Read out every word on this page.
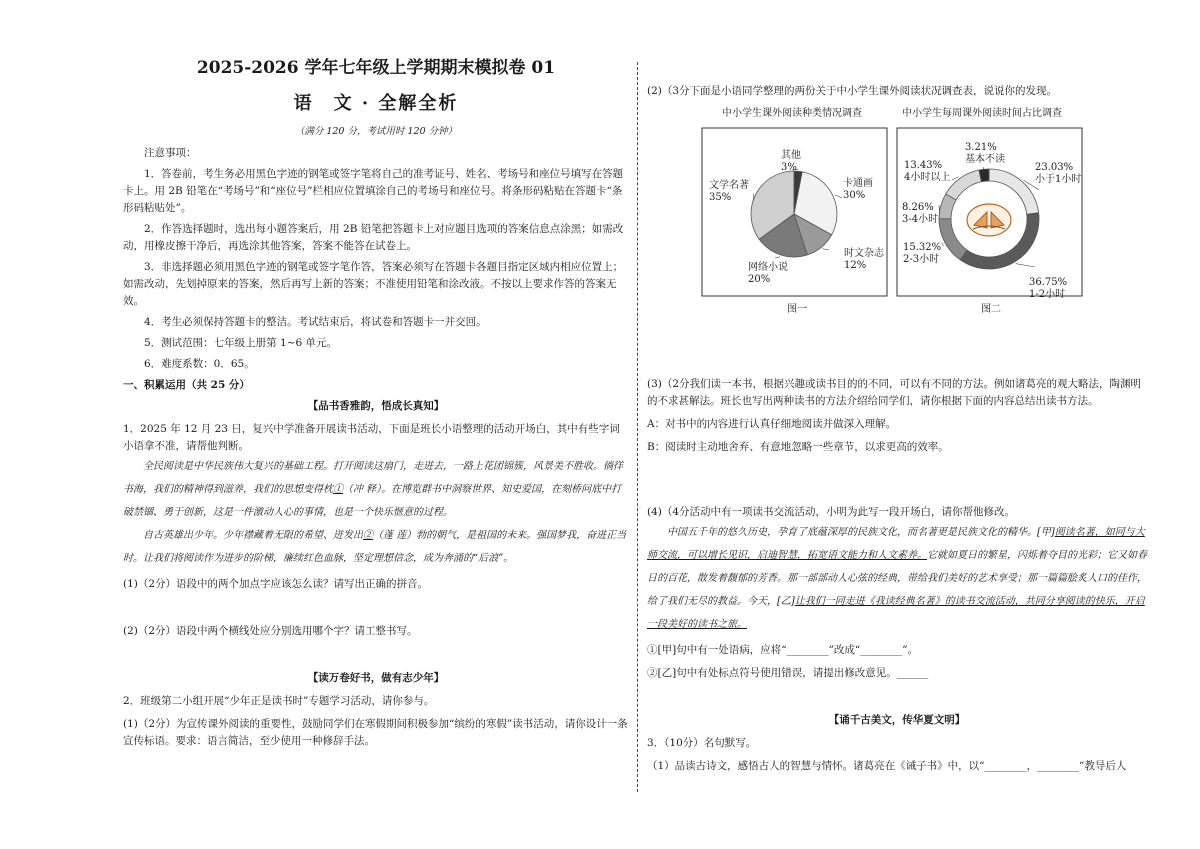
2025-2026 学年七年级上学期期末模拟卷 01

语　文 · 全解全析

（满分 120 分，考试用时 120 分钟）

注意事项：

1．答卷前，考生务必用黑色字迹的钢笔或签字笔将自己的准考证号、姓名、考场号和座位号填写在答题卡上。用 2B 铅笔在“考场号”和“座位号”栏相应位置填涂自己的考场号和座位号。将条形码粘贴在答题卡“条形码粘贴处”。

2．作答选择题时，选出每小题答案后，用 2B 铅笔把答题卡上对应题目选项的答案信息点涂黑；如需改动，用橡皮擦干净后，再选涂其他答案，答案不能答在试卷上。

3．非选择题必须用黑色字迹的钢笔或签字笔作答，答案必须写在答题卡各题目指定区域内相应位置上；如需改动，先划掉原来的答案，然后再写上新的答案；不准使用铅笔和涂改液。不按以上要求作答的答案无效。

4．考生必须保持答题卡的整洁。考试结束后，将试卷和答题卡一并交回。

5．测试范围：七年级上册第 1~6 单元。

6．难度系数：0．65。

一、积累运用（共 25 分）

【品书香雅韵，悟成长真知】

1．2025 年 12 月 23 日，复兴中学准备开展读书活动，下面是班长小语整理的活动开场白，其中有些字词小语拿不准，请帮他判断。

全民阅读是中华民族伟大复兴的基础工程。打开阅读这扇门，走进去，一路上花团锦簇，风景美不胜收。徜徉书海，我们的精神得到滋养，我们的思想变得枕①（冲 释）。在博览群书中洞察世界、知史爱国，在刻桥问底中打破禁锢、勇于创新，这是一件激动人心的事情，也是一个快乐惬意的过程。

自古英雄出少年。少年襟藏着无限的希望、迸发出②（蓬 莲）勃的朝气，是祖国的未来。强国梦我，奋进正当时。让我们将阅读作为进步的阶梯，廉续红色血脉，坚定理想信念，成为奔涌的“后浪”。

(1)（2分）语段中的两个加点字应该怎么读？请写出正确的拼音。

(2)（2分）语段中两个横线处应分别选用哪个字？请工整书写。

【读万卷好书，做有志少年】

2．班级第二小组开展“少年正是读书时”专题学习活动，请你参与。

(1)（2分）为宣传课外阅读的重要性，鼓励同学们在寒假期间积极参加“缤纷的寒假”读书活动，请你设计一条宣传标语。要求：语言简洁，至少使用一种修辞手法。

(2)（3分下面是小语同学整理的两份关于中小学生课外阅读状况调查表，说说你的发现。

中小学生课外阅读种类情况调查	中小学生每周课外阅读时间占比调查
卡通画
30%
时文杂志
12%
网络小说
20%
文学名著
35%
其他
3%	23.03%
小于1小时
36.75%
1-2小时
15.32%
2-3小时
8.26%
3-4小时
13.43%
4小时以上
3.21%
基本不读
图一	图二

(3)（2分我们读一本书，根据兴趣或读书目的的不同，可以有不同的方法。例如诸葛亮的观大略法，陶渊明的不求甚解法。班长也写出两种读书的方法介绍给同学们，请你根据下面的内容总结出读书方法。

A：对书中的内容进行认真仔细地阅读并做深入理解。

B：阅读时主动地舍弃、有意地忽略一些章节，以求更高的效率。

(4)（4分活动中有一项读书交流活动，小明为此写一段开场白，请你帮他修改。

中国五千年的悠久历史，孕育了底蕴深厚的民族文化，而名著更是民族文化的精华。[甲]阅读名著，如同与大师交流，可以增长见识，启迪智慧，拓宽语文能力和人文素养。它就如夏日的繁星，闪烁着夺目的光彩；它又如春日的百花，散发着馥郁的芳香。那一部部动人心弦的经典，带给我们美好的艺术享受；那一篇篇脍炙人口的佳作，给了我们无尽的教益。今天，[乙]让我们一同走进《我读经典名著》的读书交流活动，共同分享阅读的快乐，开启一段美好的读书之旅。

①[甲]句中有一处语病，应将“________”改成“________”。

②[乙]句中有处标点符号使用错误，请提出修改意见。______

【诵千古美文，传华夏文明】

3．（10分）名句默写。

（1）品读古诗文，感悟古人的智慧与情怀。诸葛亮在《诫子书》中，以“________，________”教导后人
